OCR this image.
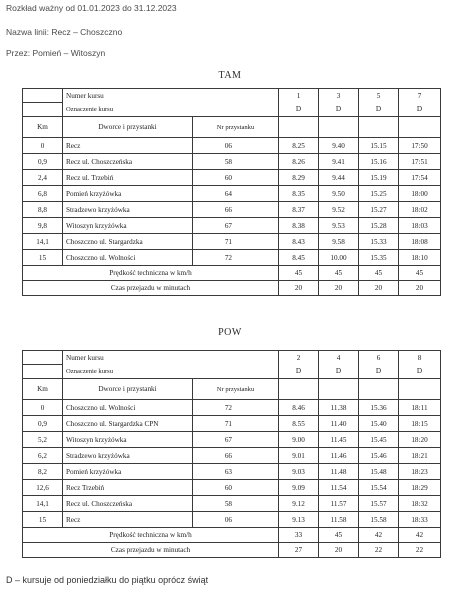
Rozkład ważny od 01.01.2023 do 31.12.2023
Nazwa linii: Recz – Choszczno
Przez: Pomień – Witoszyn
TAM
	Numer kursu		1	3	5	7
	Oznaczenie kursu		D	D	D	D
Km	Dworce i przystanki	Nr przystanku				
0	Recz	06	8.25	9.40	15.15	17:50
0,9	Recz ul. Choszczeńska	58	8.26	9.41	15.16	17:51
2,4	Recz ul. Trzebiń	60	8.29	9.44	15.19	17:54
6,8	Pomień krzyżówka	64	8.35	9.50	15.25	18:00
8,8	Stradzewo krzyżówka	66	8.37	9.52	15.27	18:02
9,8	Witoszyn krzyżówka	67	8.38	9.53	15.28	18:03
14,1	Choszczno ul. Stargardzka	71	8.43	9.58	15.33	18:08
15	Choszczno ul. Wolności	72	8.45	10.00	15.35	18:10
Prędkość techniczna w km/h			45	45	45	45
Czas przejazdu w minutach			20	20	20	20
POW
	Numer kursu		2	4	6	8
	Oznaczenie kursu		D	D	D	D
Km	Dworce i przystanki	Nr przystanku				
0	Choszczno ul. Wolności	72	8.46	11.38	15.36	18:11
0,9	Choszczno ul. Stargardzka CPN	71	8.55	11.40	15.40	18:15
5,2	Witoszyn krzyżówka	67	9.00	11.45	15.45	18:20
6,2	Stradzewo krzyżówka	66	9.01	11.46	15.46	18:21
8,2	Pomień krzyżówka	63	9.03	11.48	15.48	18:23
12,6	Recz Trzebiń	60	9.09	11.54	15.54	18:29
14,1	Recz ul. Choszczeńska	58	9.12	11.57	15.57	18:32
15	Recz	06	9.13	11.58	15.58	18:33
Prędkość techniczna w km/h			33	45	42	42
Czas przejazdu w minutach			27	20	22	22
D – kursuje od poniedziałku do piątku oprócz świąt
